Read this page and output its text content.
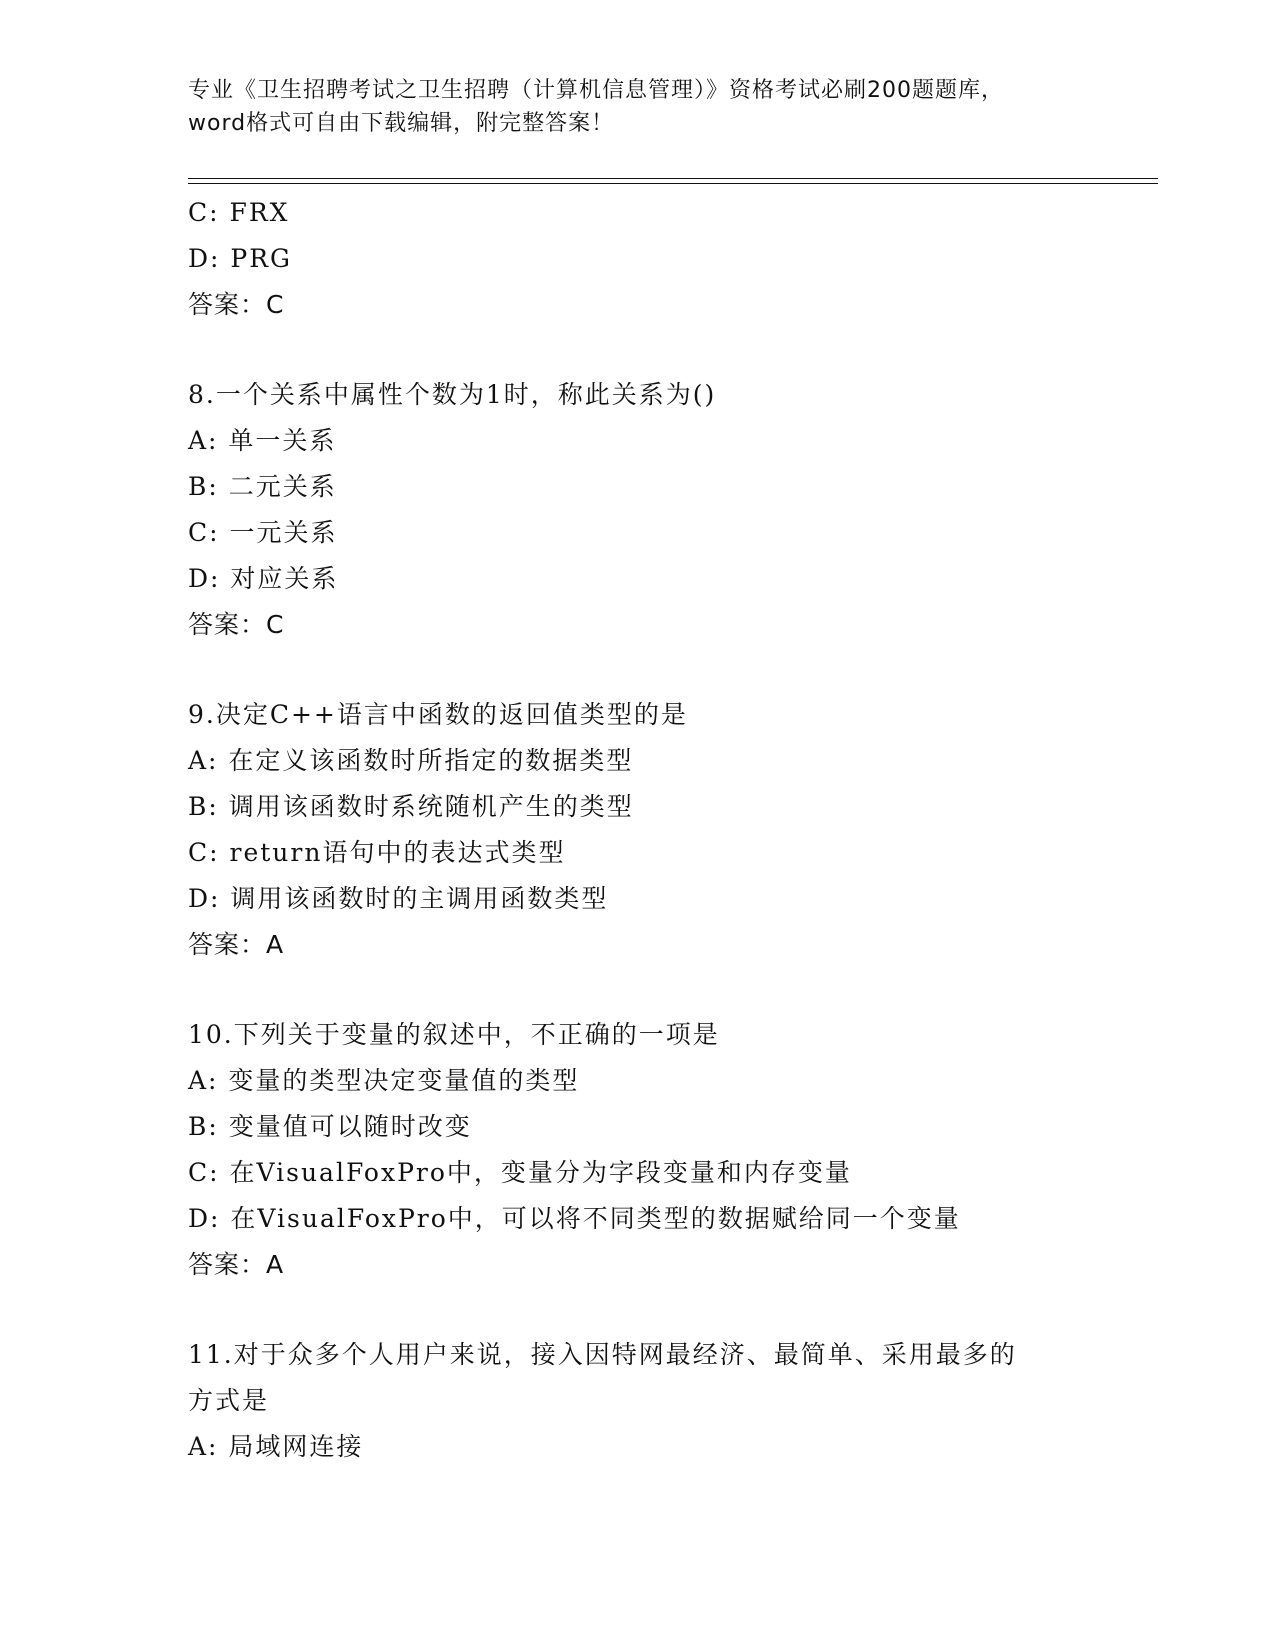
专业《卫生招聘考试之卫生招聘（计算机信息管理）》资格考试必刷200题题库，
word格式可自由下载编辑，附完整答案！
C: FRX
D: PRG
答案：C
8.一个关系中属性个数为1时，称此关系为()
A: 单一关系
B: 二元关系
C: 一元关系
D: 对应关系
答案：C
9.决定C++语言中函数的返回值类型的是
A: 在定义该函数时所指定的数据类型
B: 调用该函数时系统随机产生的类型
C: return语句中的表达式类型
D: 调用该函数时的主调用函数类型
答案：A
10.下列关于变量的叙述中，不正确的一项是
A: 变量的类型决定变量值的类型
B: 变量值可以随时改变
C: 在VisualFoxPro中，变量分为字段变量和内存变量
D: 在VisualFoxPro中，可以将不同类型的数据赋给同一个变量
答案：A
11.对于众多个人用户来说，接入因特网最经济、最简单、采用最多的
方式是
A: 局域网连接
